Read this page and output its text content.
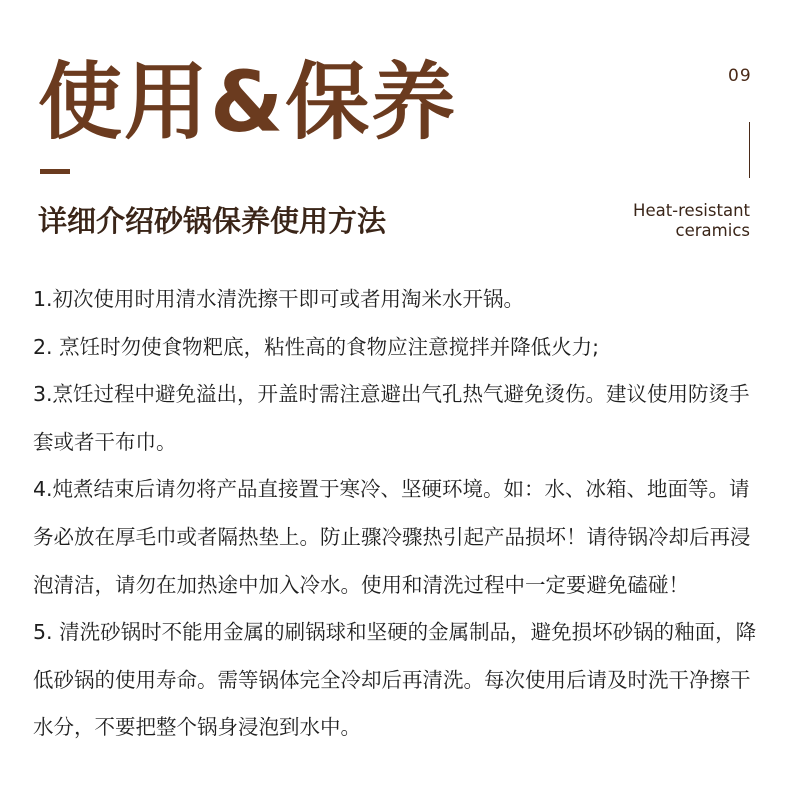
使用&保养	09
详细介绍砂锅保养使用方法	Heat-resistant
ceramics

1.初次使用时用清水清洗擦干即可或者用淘米水开锅。

2. 烹饪时勿使食物粑底，粘性高的食物应注意搅拌并降低火力;

3.烹饪过程中避免溢出，开盖时需注意避出气孔热气避免烫伤。建议使用防烫手套或者干布巾。

4.炖煮结束后请勿将产品直接置于寒冷、坚硬环境。如：水、冰箱、地面等。请务必放在厚毛巾或者隔热垫上。防止骤冷骤热引起产品损坏！请待锅冷却后再浸泡清洁，请勿在加热途中加入冷水。使用和清洗过程中一定要避免磕碰！

5. 清洗砂锅时不能用金属的刷锅球和坚硬的金属制品，避免损坏砂锅的釉面，降低砂锅的使用寿命。需等锅体完全冷却后再清洗。每次使用后请及时洗干净擦干水分，不要把整个锅身浸泡到水中。
